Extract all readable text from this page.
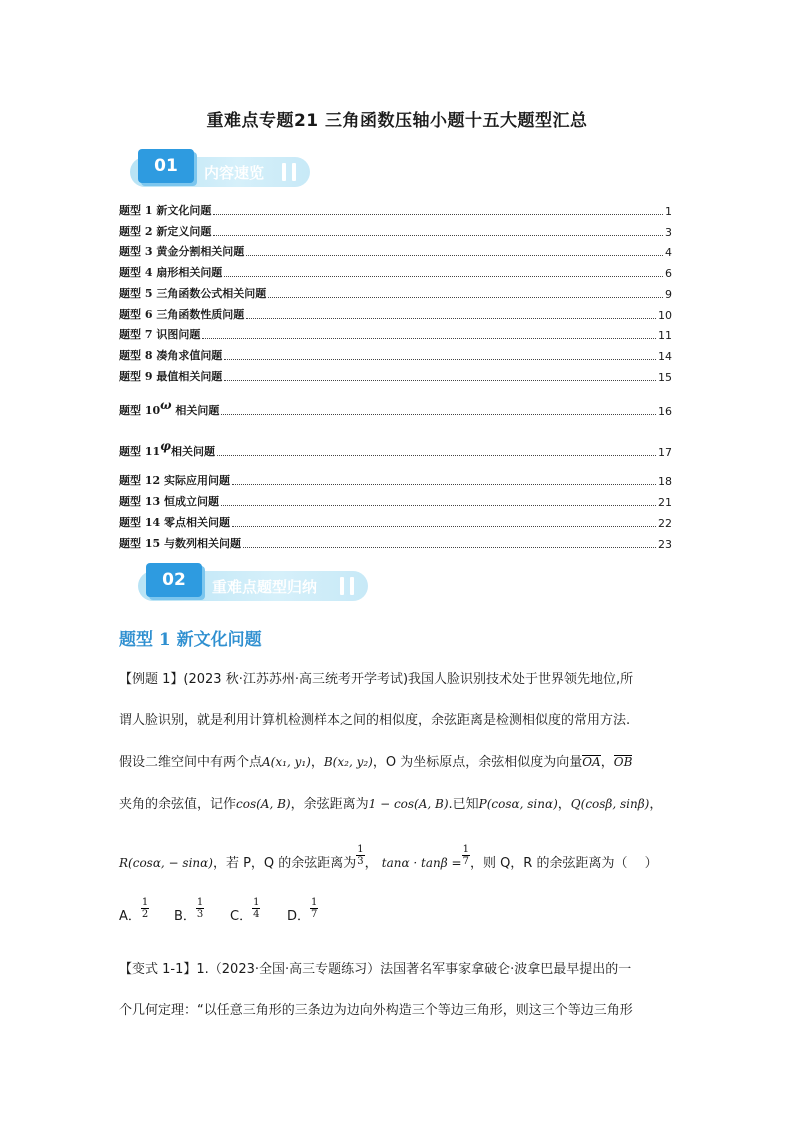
重难点专题21 三角函数压轴小题十五大题型汇总
01	内容速览
题型 1 新文化问题	1
题型 2 新定义问题	3
题型 3 黄金分割相关问题	4
题型 4 扇形相关问题	6
题型 5 三角函数公式相关问题	9
题型 6 三角函数性质问题	10
题型 7 识图问题	11
题型 8 凑角求值问题	14
题型 9 最值相关问题	15
题型 10ω 相关问题	16
题型 11φ相关问题	17
题型 12 实际应用问题	18
题型 13 恒成立问题	21
题型 14 零点相关问题	22
题型 15 与数列相关问题	23
02	重难点题型归纳
题型 1 新文化问题
【例题 1】(2023 秋·江苏苏州·高三统考开学考试)我国人脸识别技术处于世界领先地位,所
谓人脸识别，就是利用计算机检测样本之间的相似度，余弦距离是检测相似度的常用方法.
假设二维空间中有两个点A(x₁, y₁)，B(x₂, y₂)，O 为坐标原点，余弦相似度为向量OA，OB
夹角的余弦值，记作cos(A, B)，余弦距离为1 − cos(A, B).已知P(cosα, sinα)，Q(cosβ, sinβ)，
R(cosα, − sinα)，若 P，Q 的余弦距离为 $\frac{1}{3}$ ， $\tan\alpha \cdot \tan\beta = \frac{1}{7}$ ，则 Q，R 的余弦距离为（　 ）
A． $\frac{1}{2}$ B． $\frac{1}{3}$ C． $\frac{1}{4}$ D． $\frac{1}{7}$
【变式 1-1】1.（2023·全国·高三专题练习）法国著名军事家拿破仑·波拿巴最早提出的一
个几何定理：“以任意三角形的三条边为边向外构造三个等边三角形，则这三个等边三角形
